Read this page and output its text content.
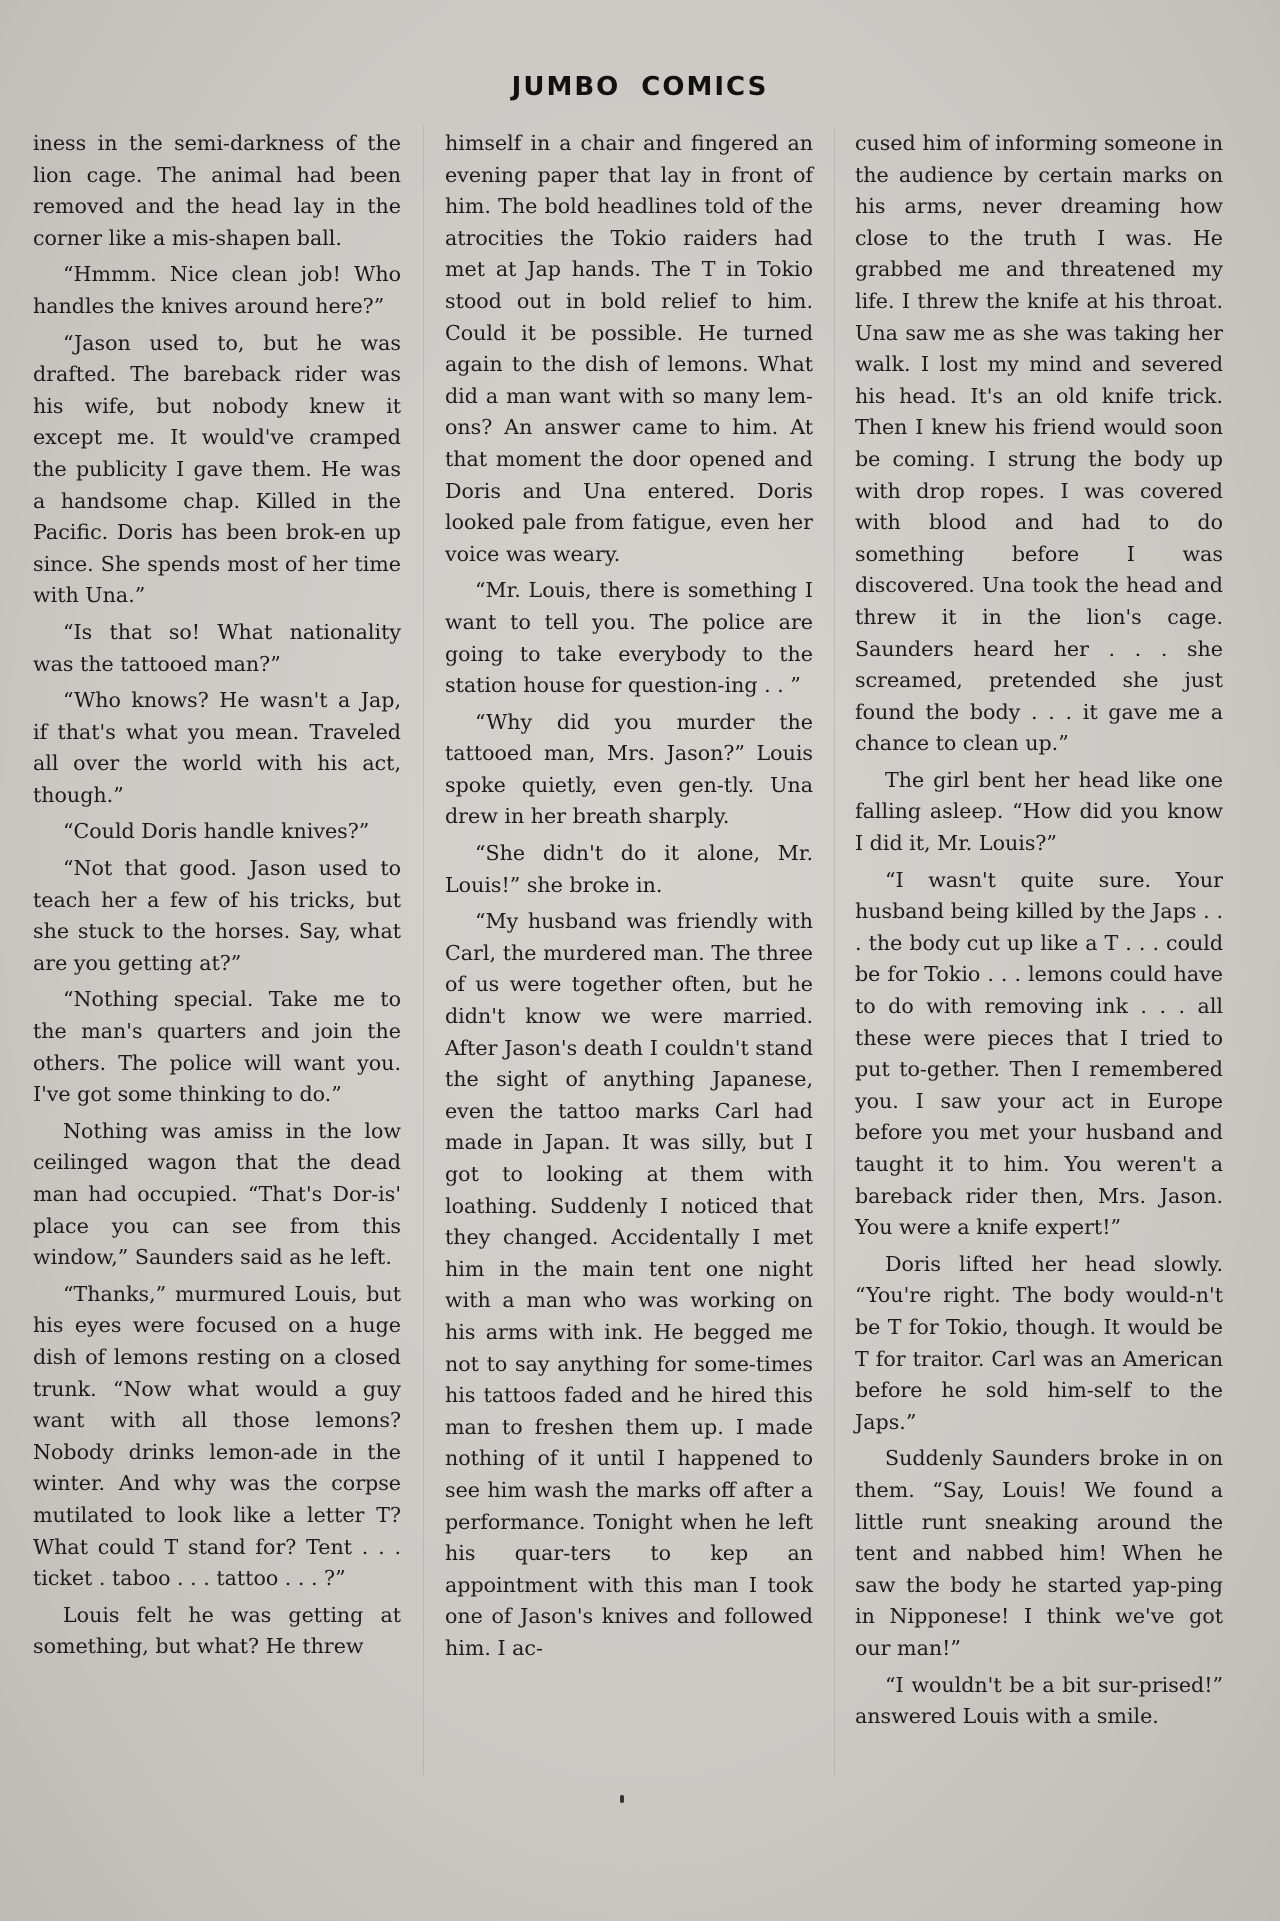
JUMBO COMICS

iness in the semi-darkness of the lion cage. The animal had been removed and the head lay in the corner like a mis-shapen ball.

“Hmmm. Nice clean job! Who handles the knives around here?”

“Jason used to, but he was drafted. The bareback rider was his wife, but nobody knew it except me. It would've cramped the publicity I gave them. He was a handsome chap. Killed in the Pacific. Doris has been brok-en up since. She spends most of her time with Una.”

“Is that so! What nationality was the tattooed man?”

“Who knows? He wasn't a Jap, if that's what you mean. Traveled all over the world with his act, though.”

“Could Doris handle knives?”

“Not that good. Jason used to teach her a few of his tricks, but she stuck to the horses. Say, what are you getting at?”

“Nothing special. Take me to the man's quarters and join the others. The police will want you. I've got some thinking to do.”

Nothing was amiss in the low ceilinged wagon that the dead man had occupied. “That's Dor-is' place you can see from this window,” Saunders said as he left.

“Thanks,” murmured Louis, but his eyes were focused on a huge dish of lemons resting on a closed trunk. “Now what would a guy want with all those lemons? Nobody drinks lemon-ade in the winter. And why was the corpse mutilated to look like a letter T? What could T stand for? Tent . . . ticket . taboo . . . tattoo . . . ?”

Louis felt he was getting at something, but what? He threw

himself in a chair and fingered an evening paper that lay in front of him. The bold headlines told of the atrocities the Tokio raiders had met at Jap hands. The T in Tokio stood out in bold relief to him. Could it be possible. He turned again to the dish of lemons. What did a man want with so many lem-ons? An answer came to him. At that moment the door opened and Doris and Una entered. Doris looked pale from fatigue, even her voice was weary.

“Mr. Louis, there is something I want to tell you. The police are going to take everybody to the station house for question-ing . . ”

“Why did you murder the tattooed man, Mrs. Jason?” Louis spoke quietly, even gen-tly. Una drew in her breath sharply.

“She didn't do it alone, Mr. Louis!” she broke in.

“My husband was friendly with Carl, the murdered man. The three of us were together often, but he didn't know we were married. After Jason's death I couldn't stand the sight of anything Japanese, even the tattoo marks Carl had made in Japan. It was silly, but I got to looking at them with loathing. Suddenly I noticed that they changed. Accidentally I met him in the main tent one night with a man who was working on his arms with ink. He begged me not to say anything for some-times his tattoos faded and he hired this man to freshen them up. I made nothing of it until I happened to see him wash the marks off after a performance. Tonight when he left his quar-ters to kep an appointment with this man I took one of Jason's knives and followed him. I ac-

cused him of informing someone in the audience by certain marks on his arms, never dreaming how close to the truth I was. He grabbed me and threatened my life. I threw the knife at his throat. Una saw me as she was taking her walk. I lost my mind and severed his head. It's an old knife trick. Then I knew his friend would soon be coming. I strung the body up with drop ropes. I was covered with blood and had to do something before I was discovered. Una took the head and threw it in the lion's cage. Saunders heard her . . . she screamed, pretended she just found the body . . . it gave me a chance to clean up.”

The girl bent her head like one falling asleep. “How did you know I did it, Mr. Louis?”

“I wasn't quite sure. Your husband being killed by the Japs . . . the body cut up like a T . . . could be for Tokio . . . lemons could have to do with removing ink . . . all these were pieces that I tried to put to-gether. Then I remembered you. I saw your act in Europe before you met your husband and taught it to him. You weren't a bareback rider then, Mrs. Jason. You were a knife expert!”

Doris lifted her head slowly. “You're right. The body would-n't be T for Tokio, though. It would be T for traitor. Carl was an American before he sold him-self to the Japs.”

Suddenly Saunders broke in on them. “Say, Louis! We found a little runt sneaking around the tent and nabbed him! When he saw the body he started yap-ping in Nipponese! I think we've got our man!”

“I wouldn't be a bit sur-prised!” answered Louis with a smile.
